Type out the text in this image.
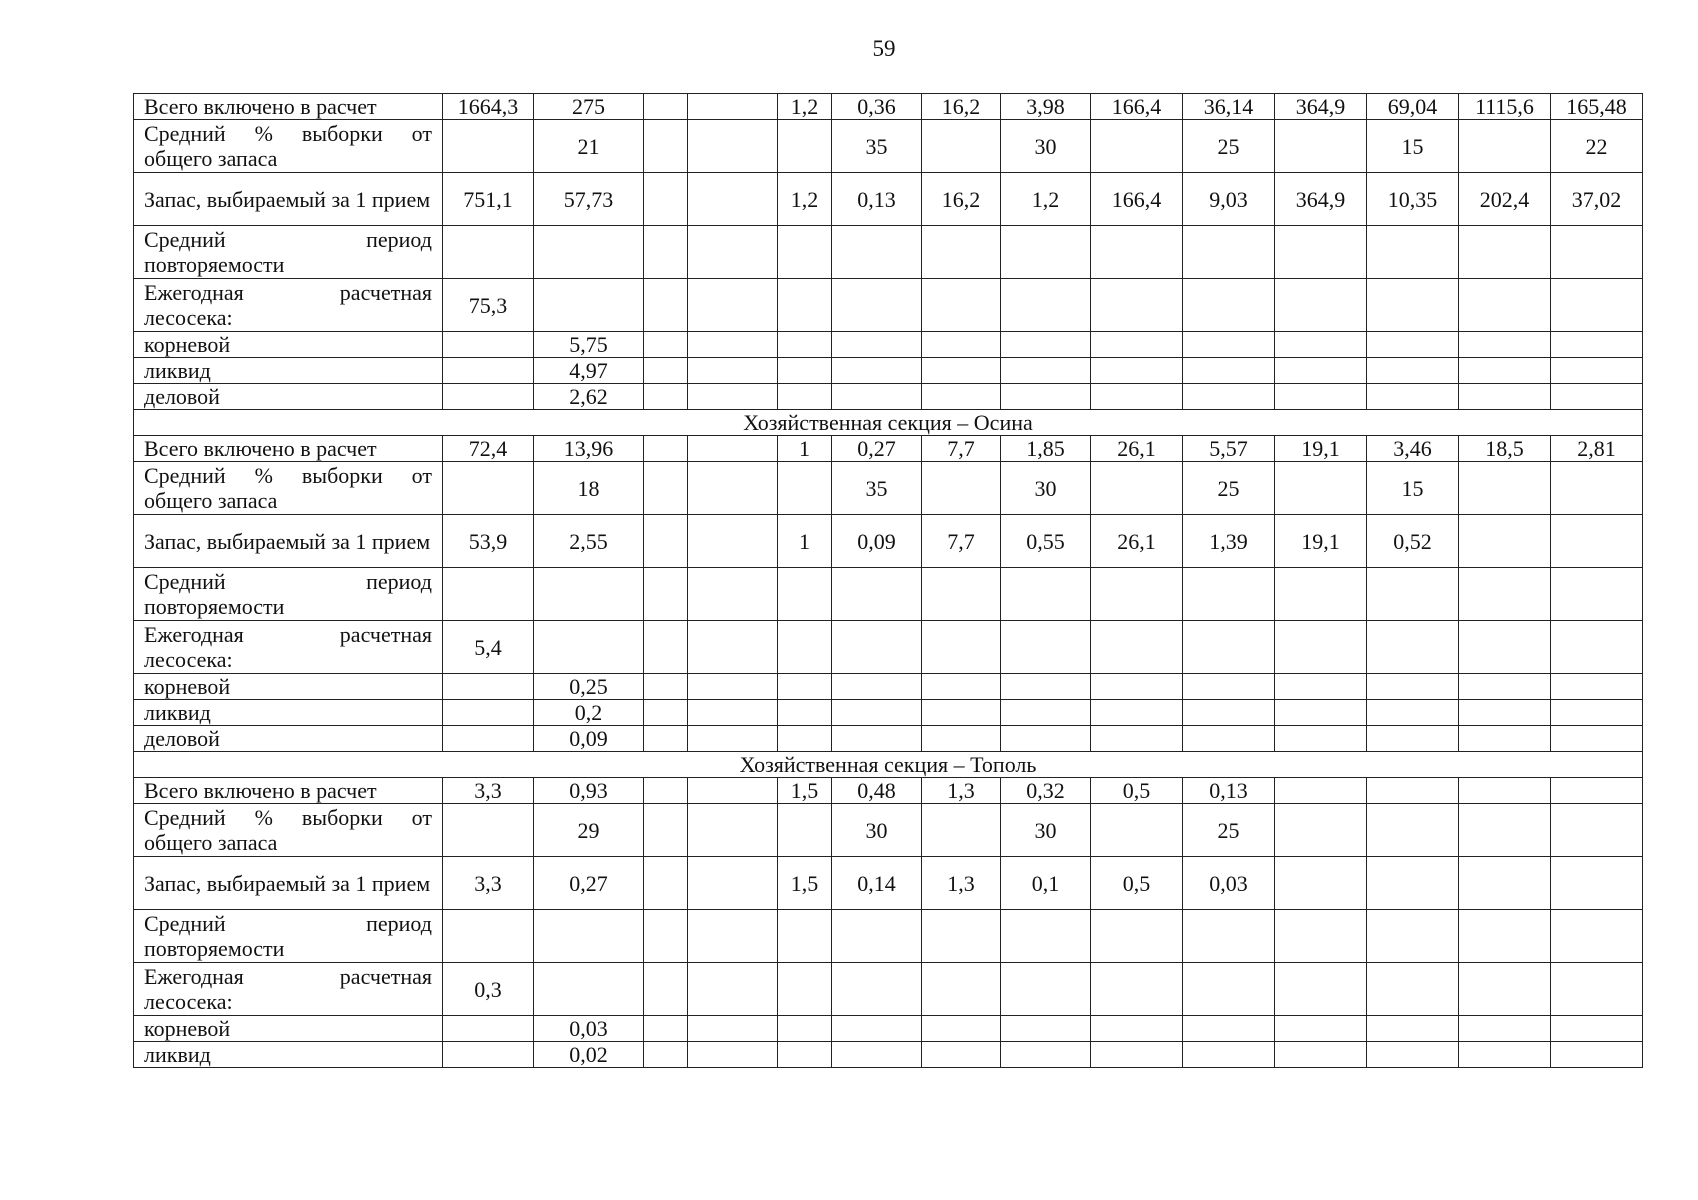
59
Всего включено в расчет	1664,3	275			1,2	0,36	16,2	3,98	166,4	36,14	364,9	69,04	1115,6	165,48
Средний % выборки от общего запаса		21				35		30		25		15		22
Запас, выбираемый за 1 прием	751,1	57,73			1,2	0,13	16,2	1,2	166,4	9,03	364,9	10,35	202,4	37,02
Средний период повторяемости														
Ежегодная расчетная лесосека:	75,3													
корневой		5,75												
ликвид		4,97												
деловой		2,62												
Хозяйственная секция – Осина														
Всего включено в расчет	72,4	13,96			1	0,27	7,7	1,85	26,1	5,57	19,1	3,46	18,5	2,81
Средний % выборки от общего запаса		18				35		30		25		15		
Запас, выбираемый за 1 прием	53,9	2,55			1	0,09	7,7	0,55	26,1	1,39	19,1	0,52		
Средний период повторяемости														
Ежегодная расчетная лесосека:	5,4													
корневой		0,25												
ликвид		0,2												
деловой		0,09												
Хозяйственная секция – Тополь														
Всего включено в расчет	3,3	0,93			1,5	0,48	1,3	0,32	0,5	0,13				
Средний % выборки от общего запаса		29				30		30		25				
Запас, выбираемый за 1 прием	3,3	0,27			1,5	0,14	1,3	0,1	0,5	0,03				
Средний период повторяемости														
Ежегодная расчетная лесосека:	0,3													
корневой		0,03												
ликвид		0,02												
